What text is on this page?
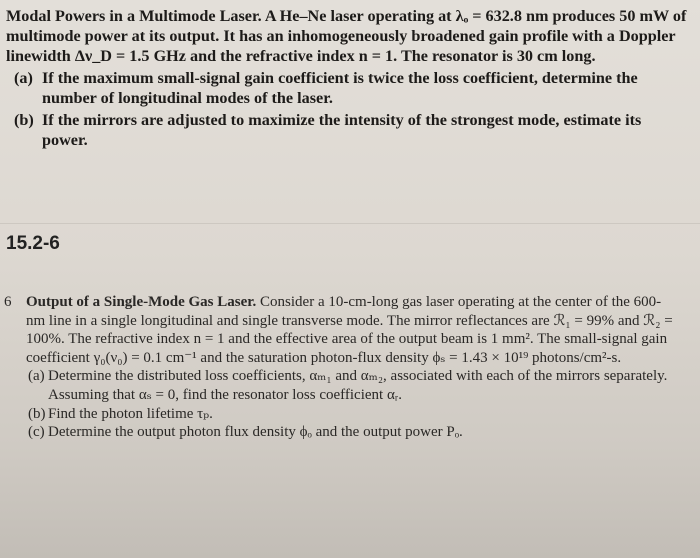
Modal Powers in a Multimode Laser. A He–Ne laser operating at λₒ = 632.8 nm produces 50 mW of multimode power at its output. It has an inhomogeneously broadened gain profile with a Doppler linewidth Δν_D = 1.5 GHz and the refractive index n = 1. The resonator is 30 cm long.

(a) If the maximum small-signal gain coefficient is twice the loss coefficient, determine the number of longitudinal modes of the laser.
(b) If the mirrors are adjusted to maximize the intensity of the strongest mode, estimate its power.
15.2-6
6 Output of a Single-Mode Gas Laser. Consider a 10-cm-long gas laser operating at the center of the 600-nm line in a single longitudinal and single transverse mode. The mirror reflectances are ℛ₁ = 99% and ℛ₂ = 100%. The refractive index n = 1 and the effective area of the output beam is 1 mm². The small-signal gain coefficient γ₀(ν₀) = 0.1 cm⁻¹ and the saturation photon-flux density ϕₛ = 1.43 × 10¹⁹ photons/cm²-s.
(a) Determine the distributed loss coefficients, αₘ₁ and αₘ₂, associated with each of the mirrors separately. Assuming that αₛ = 0, find the resonator loss coefficient αᵣ.
(b) Find the photon lifetime τₚ.
(c) Determine the output photon flux density ϕₒ and the output power Pₒ.
